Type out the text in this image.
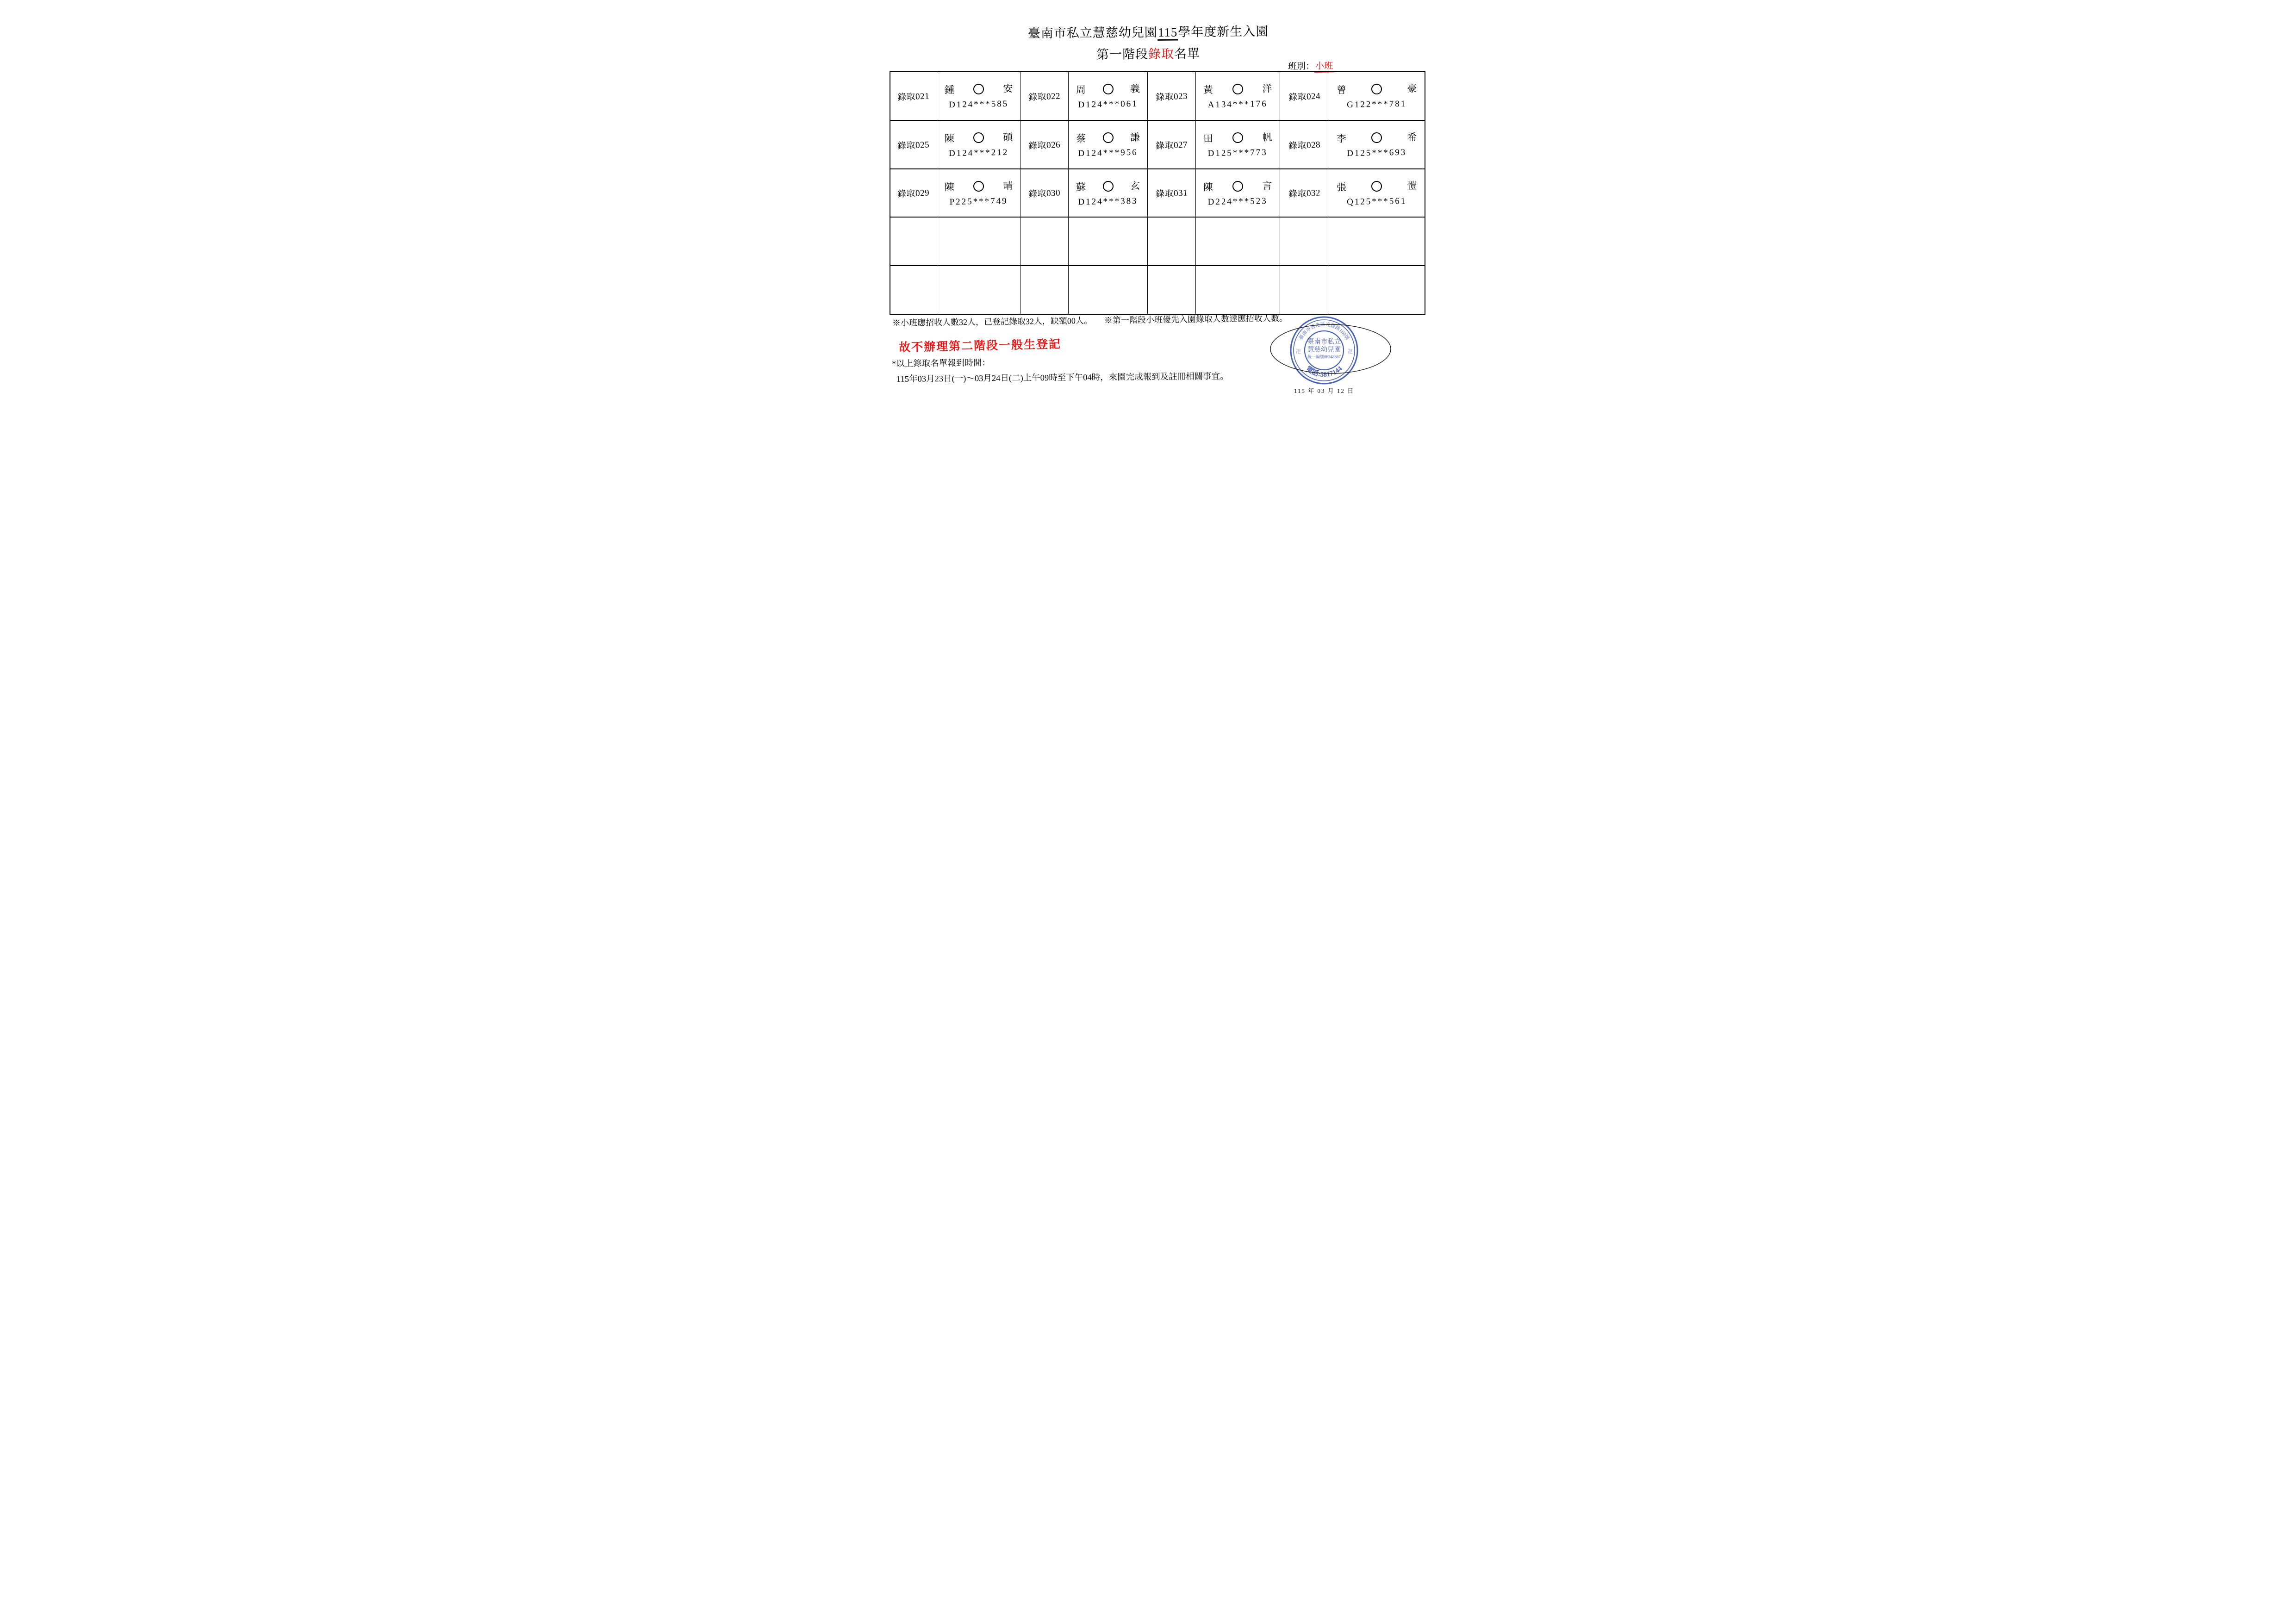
臺南市私立慧慈幼兒園115學年度新生入園
第一階段錄取名單
班別：小班
錄取021	
鍾	安
D124***585
	錄取022	
周	義
D124***061
	錄取023	
黃	洋
A134***176
	錄取024	
曾	豪
G122***781

錄取025	
陳	碩
D124***212
	錄取026	
蔡	謙
D124***956
	錄取027	
田	帆
D125***773
	錄取028	
李	希
D125***693

錄取029	
陳	晴
P225***749
	錄取030	
蘇	玄
D124***383
	錄取031	
陳	言
D224***523
	錄取032	
張	愷
Q125***561

※小班應招收人數32人，已登記錄取32人，缺額00人。 ※第一階段小班優先入園錄取人數達應招收人數。
故不辦理第二階段一般生登記
*以上錄取名單報到時間：
115年03月23日(一)～03月24日(二)上午09時至下午04時，來園完成報到及註冊相關事宜。
臺南市善化區光復路160號
卍	卍
臺南市私立
慧慈幼兒園
統一編號06548667
電話:5817144
115 年 03 月 12 日
